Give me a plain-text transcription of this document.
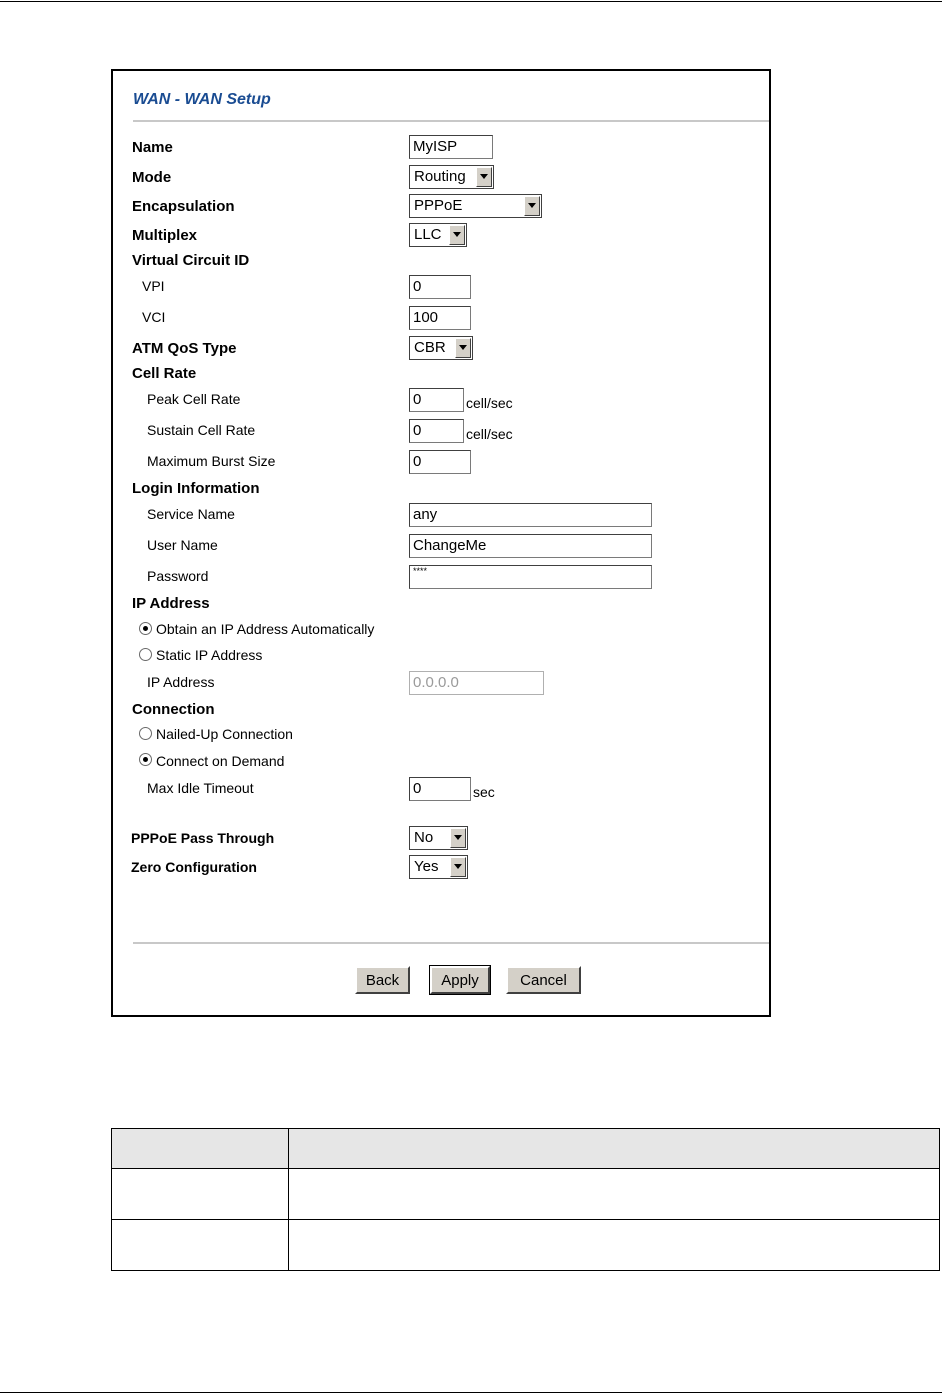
WAN - WAN Setup
Name	MyISP
Mode	Routing
Encapsulation	PPPoE
Multiplex	LLC
Virtual Circuit ID
VPI	0
VCI	100
ATM QoS Type	CBR
Cell Rate
Peak Cell Rate	0	cell/sec
Sustain Cell Rate	0	cell/sec
Maximum Burst Size	0
Login Information
Service Name	any
User Name	ChangeMe
Password	****
IP Address
Obtain an IP Address Automatically
Static IP Address
IP Address	0.0.0.0
Connection
Nailed-Up Connection
Connect on Demand
Max Idle Timeout	0	sec
PPPoE Pass Through	No
Zero Configuration	Yes
Back	Apply	Cancel
